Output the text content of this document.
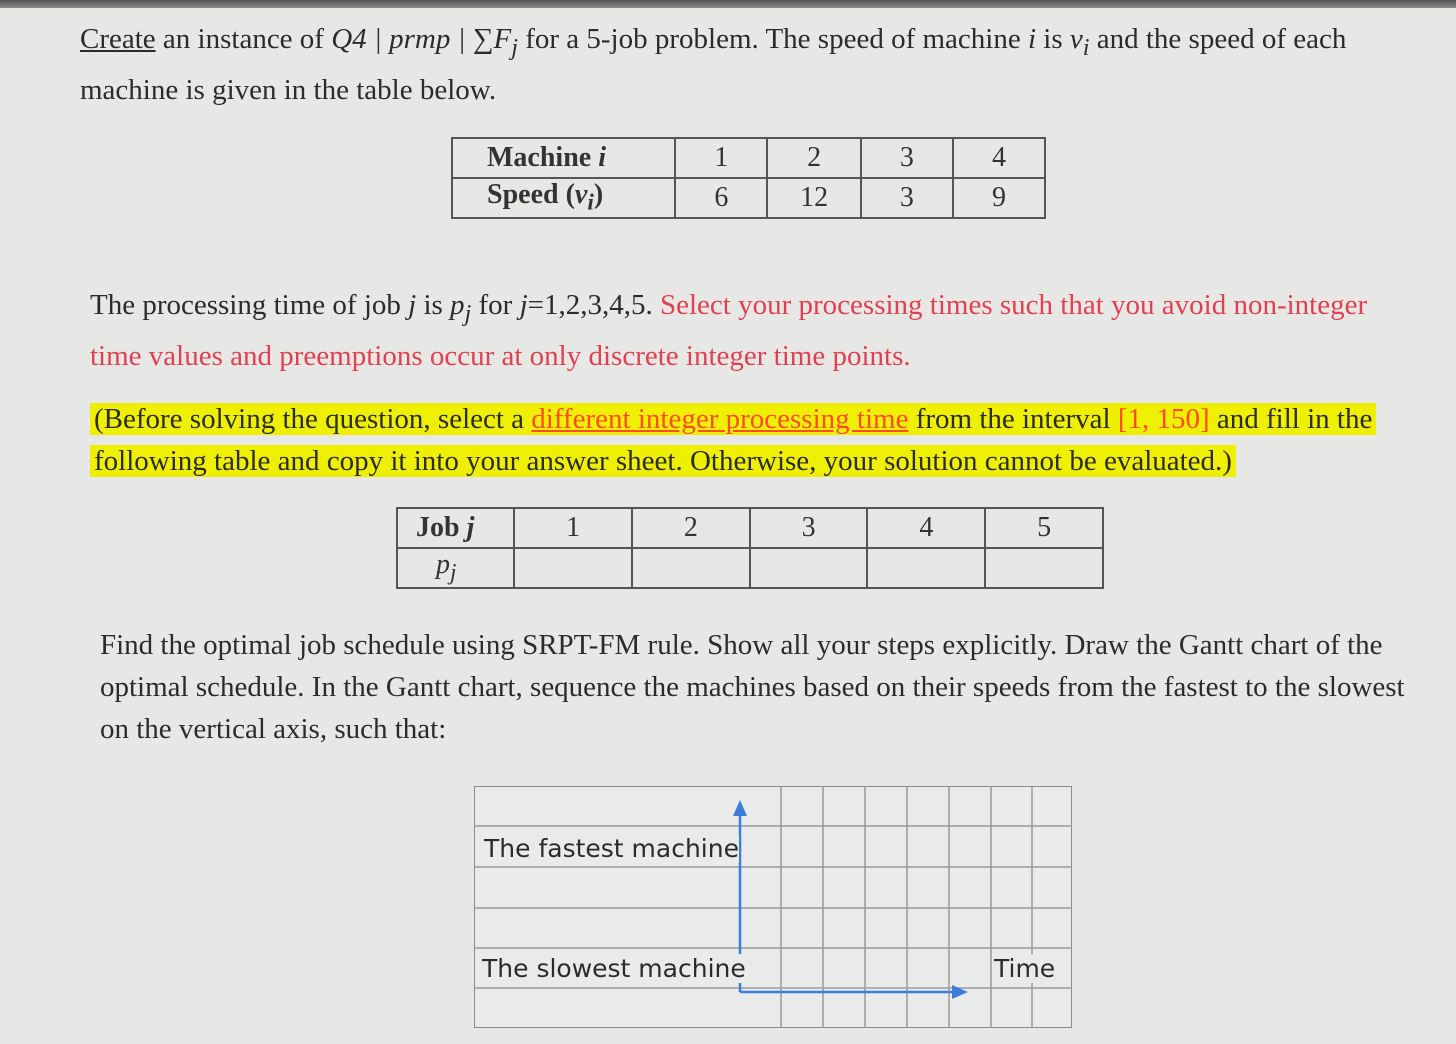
Create an instance of Q4 | prmp | $\sum F_j$ for a 5-job problem. The speed of machine i is $v_i$ and the speed of each machine is given in the table below.

Machine i	1	2	3	4
Speed $(v_i)$	6	12	3	9

The processing time of job j is $p_j$ for j=1,2,3,4,5. Select your processing times such that you avoid non-integer time values and preemptions occur at only discrete integer time points.

(Before solving the question, select a different integer processing time from the interval [1, 150] and fill in the following table and copy it into your answer sheet. Otherwise, your solution cannot be evaluated.)

Job j	1	2	3	4	5
$p_j$					

Find the optimal job schedule using SRPT-FM rule. Show all your steps explicitly. Draw the Gantt chart of the optimal schedule. In the Gantt chart, sequence the machines based on their speeds from the fastest to the slowest on the vertical axis, such that:

The fastest machine
The slowest machine	Time
